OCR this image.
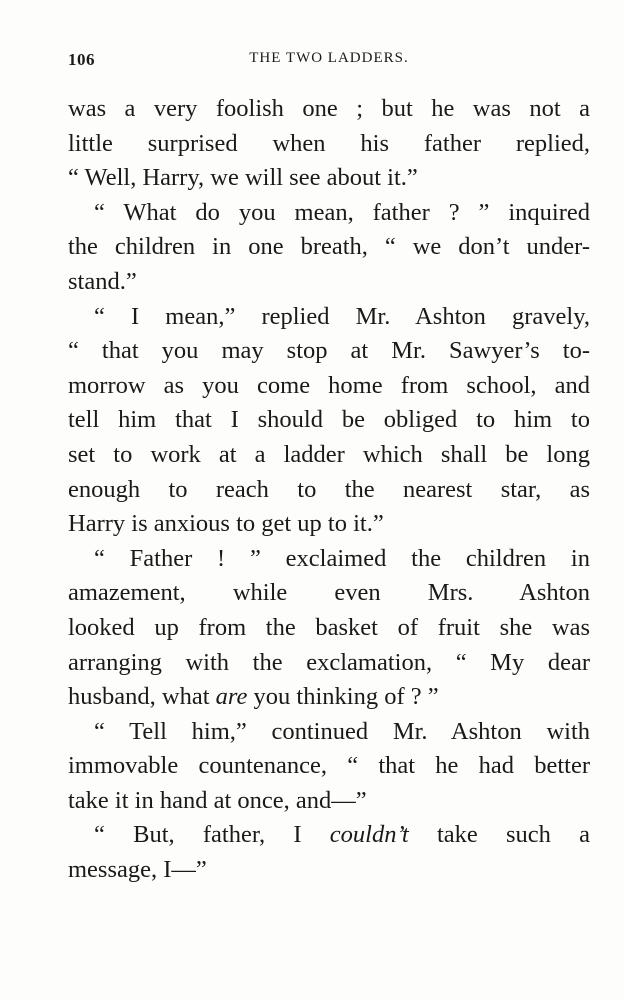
106	THE TWO LADDERS.
was a very foolish one ; but he was not a
little surprised when his father replied,
“ Well, Harry, we will see about it.”
“ What do you mean, father ? ” inquired
the children in one breath, “ we don’t under-
stand.”
“ I mean,” replied Mr. Ashton gravely,
“ that you may stop at Mr. Sawyer’s to-
morrow as you come home from school, and
tell him that I should be obliged to him to
set to work at a ladder which shall be long
enough to reach to the nearest star, as
Harry is anxious to get up to it.”
“ Father ! ” exclaimed the children in
amazement, while even Mrs. Ashton
looked up from the basket of fruit she was
arranging with the exclamation, “ My dear
husband, what are you thinking of ? ”
“ Tell him,” continued Mr. Ashton with
immovable countenance, “ that he had better
take it in hand at once, and—”
“ But, father, I couldn’t take such a
message, I—”
